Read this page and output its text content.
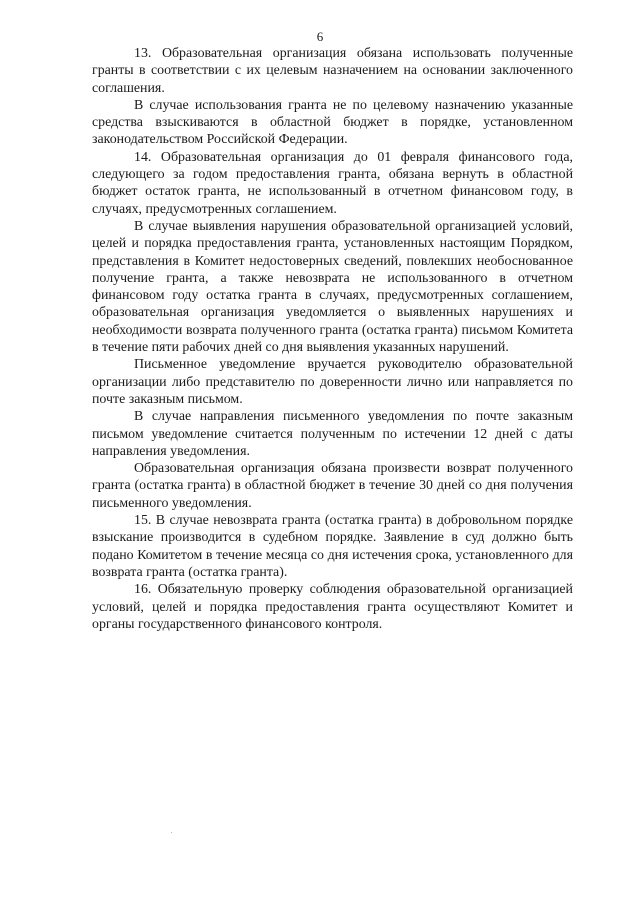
6

13. Образовательная организация обязана использовать полученные гранты в соответствии с их целевым назначением на основании заключенного соглашения.

В случае использования гранта не по целевому назначению указанные средства взыскиваются в областной бюджет в порядке, установленном законодательством Российской Федерации.

14. Образовательная организация до 01 февраля финансового года, следующего за годом предоставления гранта, обязана вернуть в областной бюджет остаток гранта, не использованный в отчетном финансовом году, в случаях, предусмотренных соглашением.

В случае выявления нарушения образовательной организацией условий, целей и порядка предоставления гранта, установленных настоящим Порядком, представления в Комитет недостоверных сведений, повлекших необоснованное получение гранта, а также невозврата не использованного в отчетном финансовом году остатка гранта в случаях, предусмотренных соглашением, образовательная организация уведомляется о выявленных нарушениях и необходимости возврата полученного гранта (остатка гранта) письмом Комитета в течение пяти рабочих дней со дня выявления указанных нарушений.

Письменное уведомление вручается руководителю образовательной организации либо представителю по доверенности лично или направляется по почте заказным письмом.

В случае направления письменного уведомления по почте заказным письмом уведомление считается полученным по истечении 12 дней с даты направления уведомления.

Образовательная организация обязана произвести возврат полученного гранта (остатка гранта) в областной бюджет в течение 30 дней со дня получения письменного уведомления.

15. В случае невозврата гранта (остатка гранта) в добровольном порядке взыскание производится в судебном порядке. Заявление в суд должно быть подано Комитетом в течение месяца со дня истечения срока, установленного для возврата гранта (остатка гранта).

16. Обязательную проверку соблюдения образовательной организацией условий, целей и порядка предоставления гранта осуществляют Комитет и органы государственного финансового контроля.
